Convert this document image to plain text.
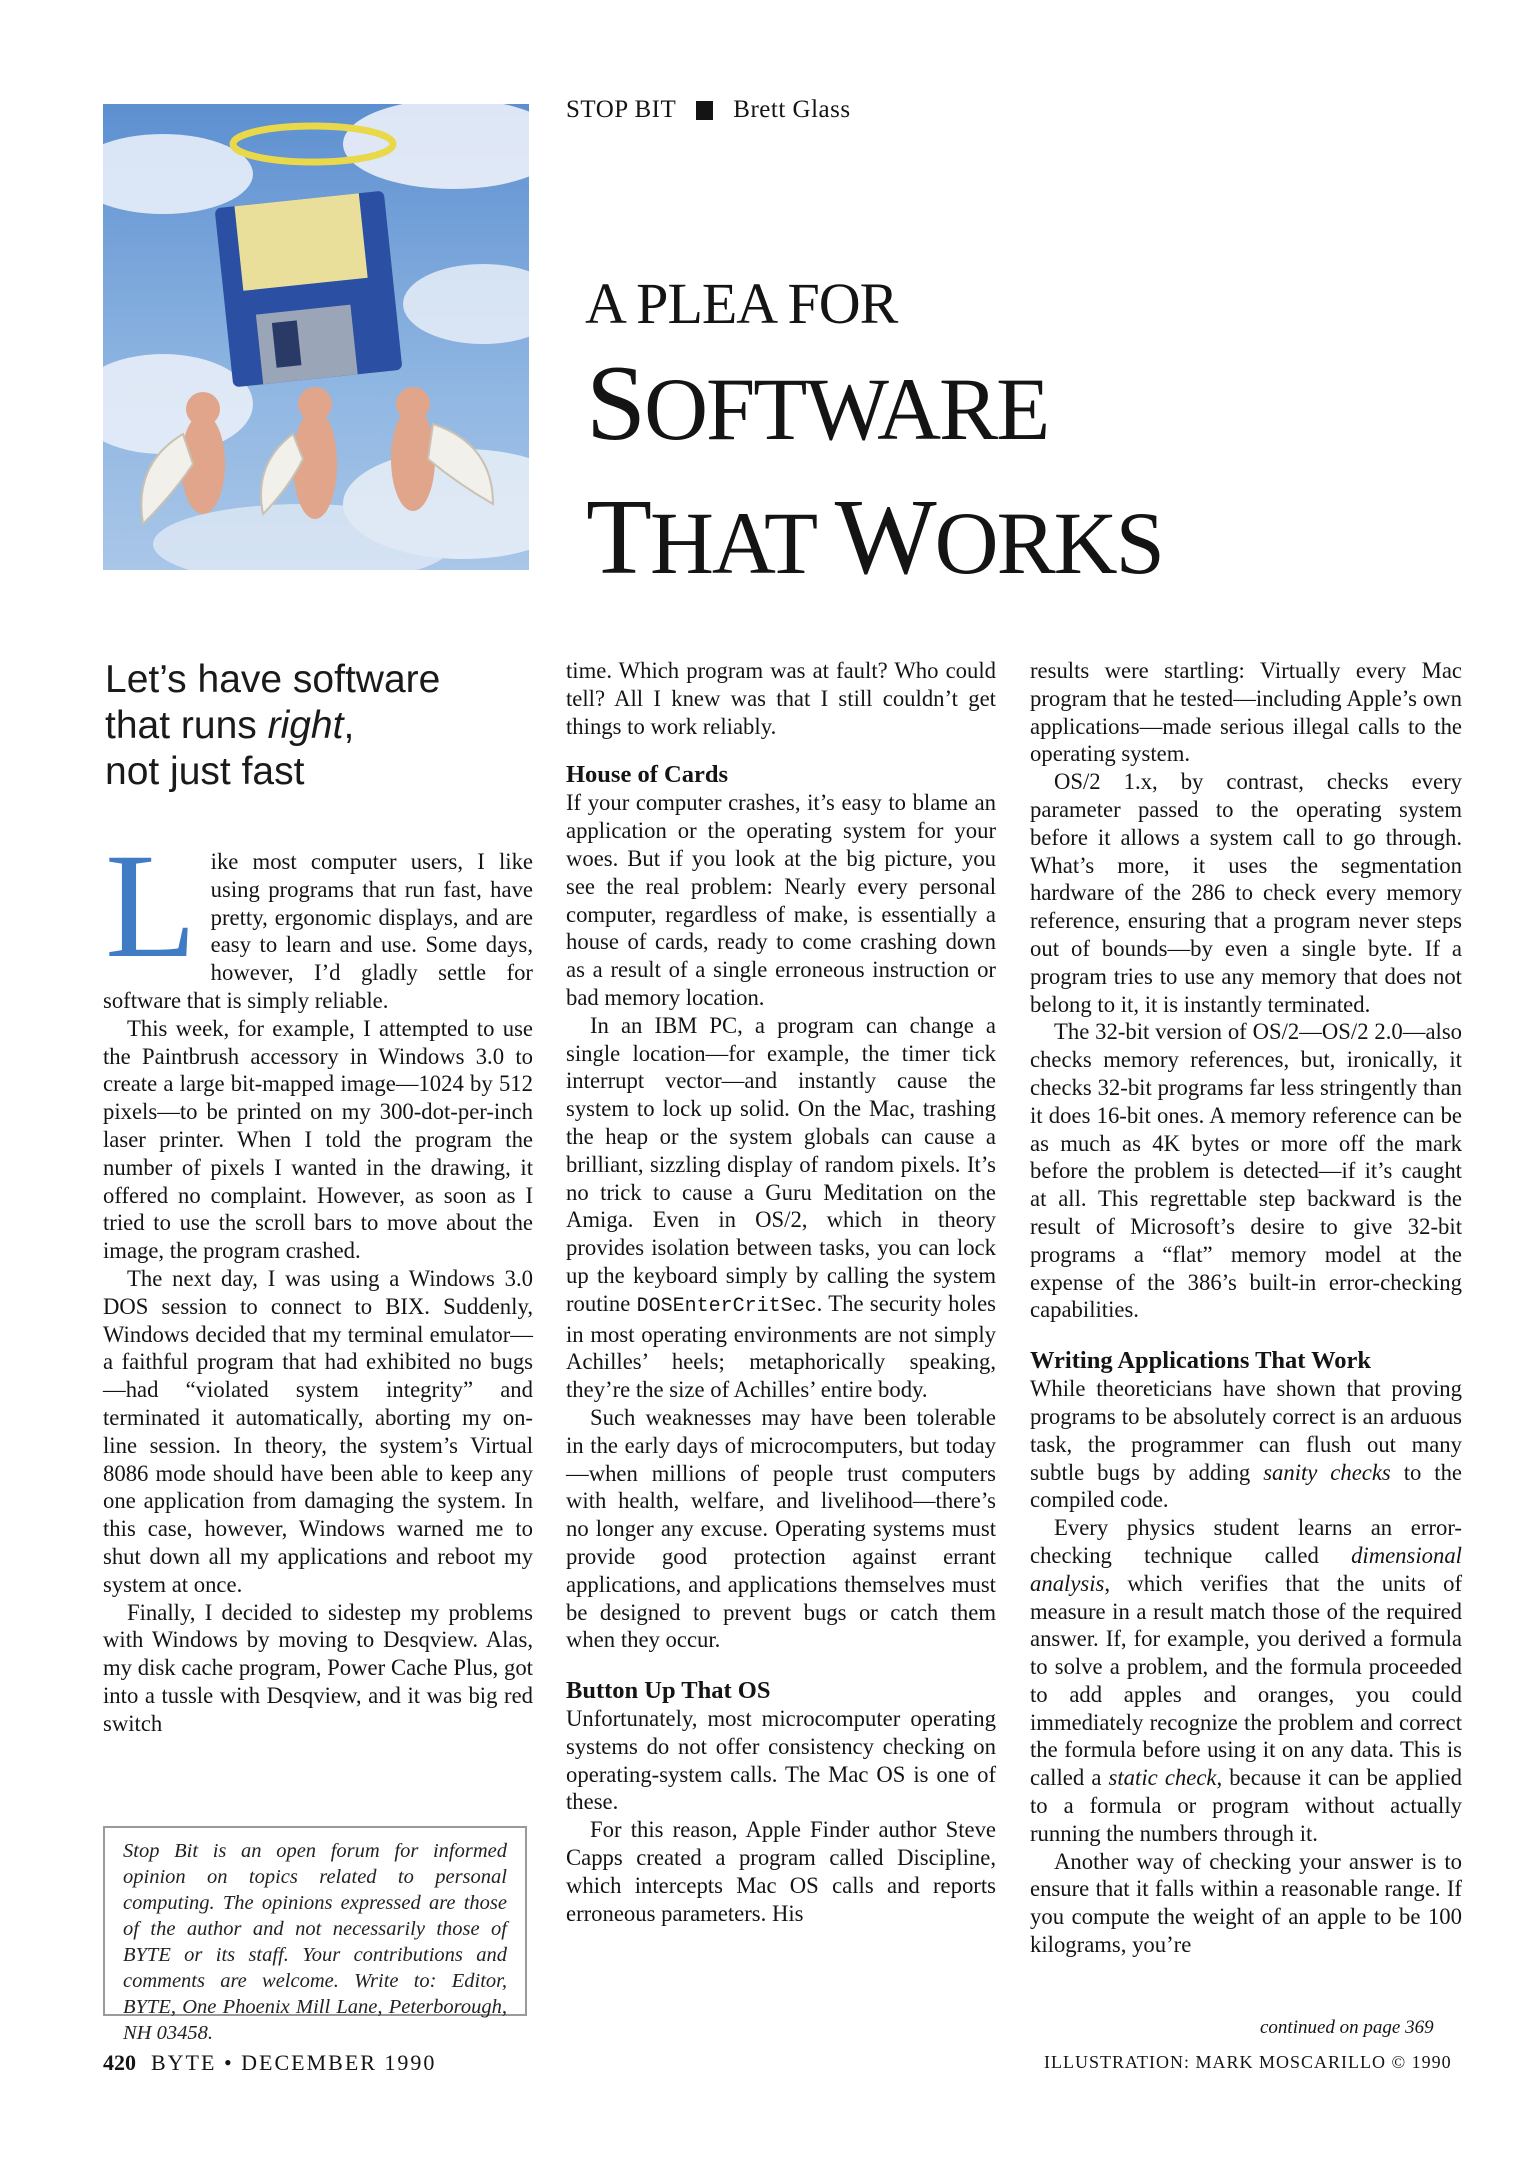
STOP BIT Brett Glass
A PLEA FOR
SOFTWARE
THAT WORKS
Let’s have software
that runs right,
not just fast

Like most computer users, I like using programs that run fast, have pretty, ergonomic displays, and are easy to learn and use. Some days, however, I’d gladly settle for software that is simply reliable.

This week, for example, I attempted to use the Paintbrush accessory in Windows 3.0 to create a large bit-mapped image—1024 by 512 pixels—to be printed on my 300-dot-per-inch laser printer. When I told the program the number of pixels I wanted in the drawing, it offered no complaint. However, as soon as I tried to use the scroll bars to move about the image, the program crashed.

The next day, I was using a Windows 3.0 DOS session to connect to BIX. Suddenly, Windows decided that my terminal emulator—a faithful program that had exhibited no bugs—had “violated system integrity” and terminated it automatically, aborting my on-line session. In theory, the system’s Virtual 8086 mode should have been able to keep any one application from damaging the system. In this case, however, Windows warned me to shut down all my applications and reboot my system at once.

Finally, I decided to sidestep my problems with Windows by moving to Desqview. Alas, my disk cache program, Power Cache Plus, got into a tussle with Desqview, and it was big red switch

Stop Bit is an open forum for informed opinion on topics related to personal computing. The opinions expressed are those of the author and not necessarily those of BYTE or its staff. Your contributions and comments are welcome. Write to: Editor, BYTE, One Phoenix Mill Lane, Peterborough, NH 03458.

time. Which program was at fault? Who could tell? All I knew was that I still couldn’t get things to work reliably.

House of Cards

If your computer crashes, it’s easy to blame an application or the operating system for your woes. But if you look at the big picture, you see the real problem: Nearly every personal computer, regardless of make, is essentially a house of cards, ready to come crashing down as a result of a single erroneous instruction or bad memory location.

In an IBM PC, a program can change a single location—for example, the timer tick interrupt vector—and instantly cause the system to lock up solid. On the Mac, trashing the heap or the system globals can cause a brilliant, sizzling display of random pixels. It’s no trick to cause a Guru Meditation on the Amiga. Even in OS/2, which in theory provides isolation between tasks, you can lock up the keyboard simply by calling the system routine DOSEnterCritSec. The security holes in most operating environments are not simply Achilles’ heels; metaphorically speaking, they’re the size of Achilles’ entire body.

Such weaknesses may have been tolerable in the early days of microcomputers, but today—when millions of people trust computers with health, welfare, and livelihood—there’s no longer any excuse. Operating systems must provide good protection against errant applications, and applications themselves must be designed to prevent bugs or catch them when they occur.

Button Up That OS

Unfortunately, most microcomputer operating systems do not offer consistency checking on operating-system calls. The Mac OS is one of these.

For this reason, Apple Finder author Steve Capps created a program called Discipline, which intercepts Mac OS calls and reports erroneous parameters. His

results were startling: Virtually every Mac program that he tested—including Apple’s own applications—made serious illegal calls to the operating system.

OS/2 1.x, by contrast, checks every parameter passed to the operating system before it allows a system call to go through. What’s more, it uses the segmentation hardware of the 286 to check every memory reference, ensuring that a program never steps out of bounds—by even a single byte. If a program tries to use any memory that does not belong to it, it is instantly terminated.

The 32-bit version of OS/2—OS/2 2.0—also checks memory references, but, ironically, it checks 32-bit programs far less stringently than it does 16-bit ones. A memory reference can be as much as 4K bytes or more off the mark before the problem is detected—if it’s caught at all. This regrettable step backward is the result of Microsoft’s desire to give 32-bit programs a “flat” memory model at the expense of the 386’s built-in error-checking capabilities.

Writing Applications That Work

While theoreticians have shown that proving programs to be absolutely correct is an arduous task, the programmer can flush out many subtle bugs by adding sanity checks to the compiled code.

Every physics student learns an error-checking technique called dimensional analysis, which verifies that the units of measure in a result match those of the required answer. If, for example, you derived a formula to solve a problem, and the formula proceeded to add apples and oranges, you could immediately recognize the problem and correct the formula before using it on any data. This is called a static check, because it can be applied to a formula or program without actually running the numbers through it.

Another way of checking your answer is to ensure that it falls within a reasonable range. If you compute the weight of an apple to be 100 kilograms, you’re

continued on page 369
420 BYTE • DECEMBER 1990	ILLUSTRATION: MARK MOSCARILLO © 1990
